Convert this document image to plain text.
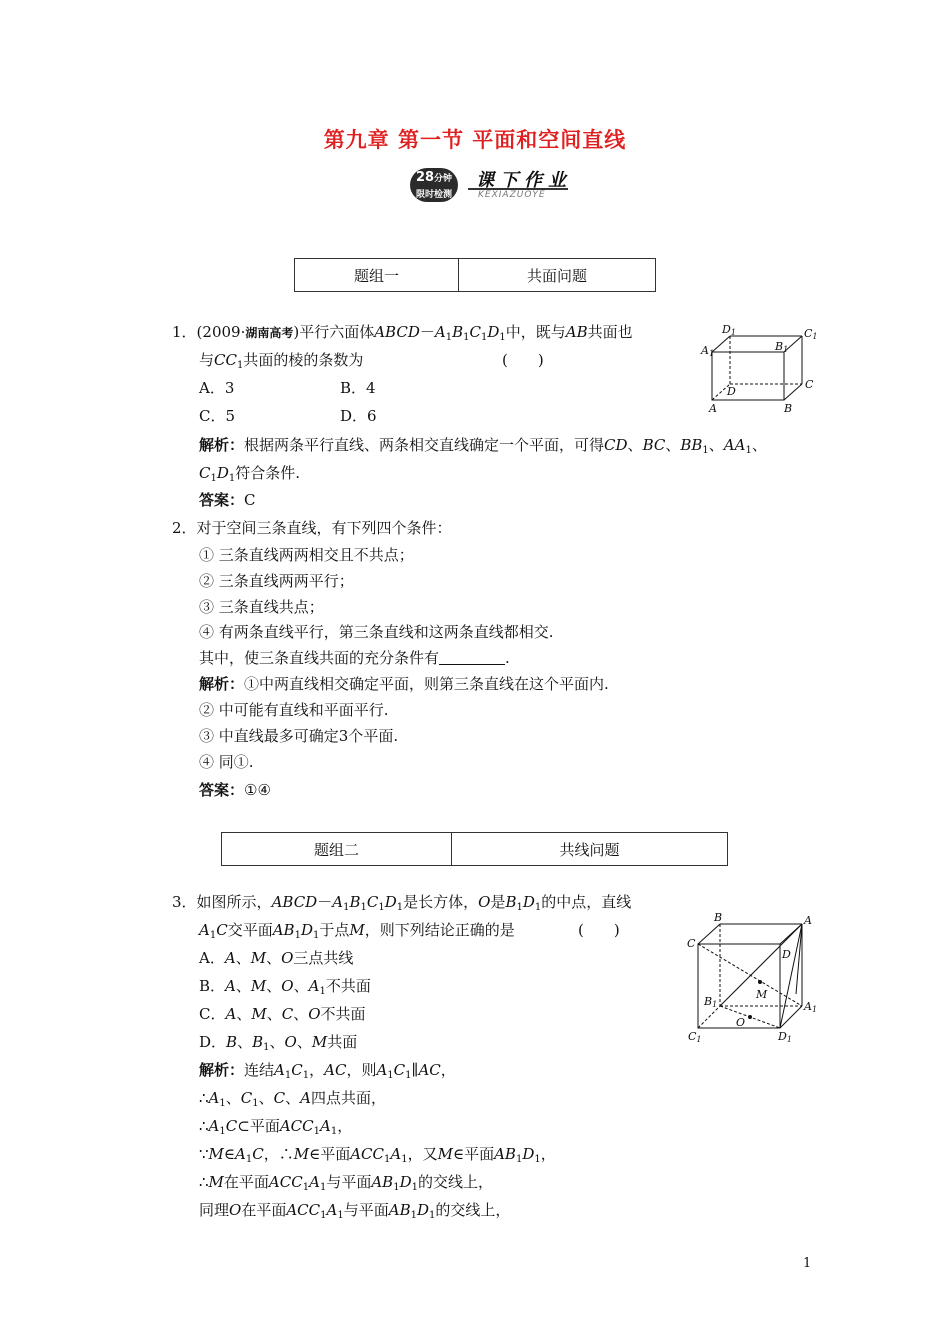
第九章 第一节 平面和空间直线
28 分钟
限时检测
课下作业
KEXIAZUOYE
题组一	共面问题
1．(2009·湖南高考)平行六面体$ABCD-A_1B_1C_1D_1$中，既与AB共面也
与$CC_1$共面的棱的条数为	(　　)
A．3	B．4
C．5	D．6
解析：根据两条平行直线、两条相交直线确定一个平面，可得CD、BC、$BB_1$、$AA_1$、
$C_1D_1$符合条件.
答案：C
D1	C1
A1
B1
D
C
A	B
2．对于空间三条直线，有下列四个条件：
① 三条直线两两相交且不共点；
② 三条直线两两平行；
③ 三条直线共点；
④ 有两条直线平行，第三条直线和这两条直线都相交.
其中，使三条直线共面的充分条件有	.
解析：①中两直线相交确定平面，则第三条直线在这个平面内.
② 中可能有直线和平面平行.
③ 中直线最多可确定3个平面.
④ 同①.
答案：①④
题组二	共线问题
3．如图所示，$ABCD-A_1B_1C_1D_1$是长方体，O是$B_1D_1$的中点，直线
$A_1C$交平面$AB_1D_1$于点M，则下列结论正确的是	(　　)
A．A、M、O三点共线
B．A、M、O、$A_1$不共面
C．A、M、C、O不共面
D．B、$B_1$、O、M共面
解析：连结$A_1C_1$，AC，则$A_1C_1\parallel AC$，
$\therefore A_1$、$C_1$、C、A四点共面，
$\therefore A_1C\subset$平面$ACC_1A_1$，
$\because M\in A_1C$，∴M∈平面$ACC_1A_1$，又M∈平面$AB_1D_1$，
∴M在平面$ACC_1A_1$与平面$AB_1D_1$的交线上，
同理O在平面$ACC_1A_1$与平面$AB_1D_1$的交线上，
B	A
C
D
M
B1	A1
O
C1	D1
1
